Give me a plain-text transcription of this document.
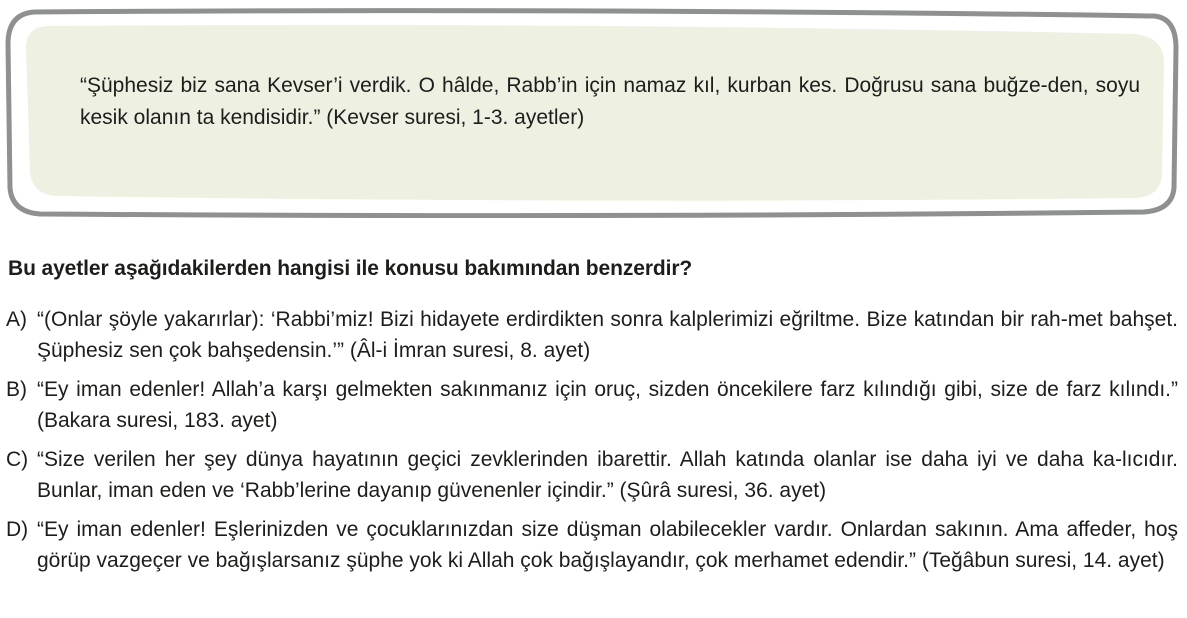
“Şüphesiz biz sana Kevser’i verdik. O hâlde, Rabb’in için namaz kıl, kurban kes. Doğrusu sana buğze-den, soyu kesik olanın ta kendisidir.” (Kevser suresi, 1-3. ayetler)

Bu ayetler aşağıdakilerden hangisi ile konusu bakımından benzerdir?

A) “(Onlar şöyle yakarırlar): ‘Rabbi’miz! Bizi hidayete erdirdikten sonra kalplerimizi eğriltme. Bize katından bir rah-met bahşet. Şüphesiz sen çok bahşedensin.’” (Âl-i İmran suresi, 8. ayet)
B) “Ey iman edenler! Allah’a karşı gelmekten sakınmanız için oruç, sizden öncekilere farz kılındığı gibi, size de farz kılındı.” (Bakara suresi, 183. ayet)
C) “Size verilen her şey dünya hayatının geçici zevklerinden ibarettir. Allah katında olanlar ise daha iyi ve daha ka-lıcıdır. Bunlar, iman eden ve ‘Rabb’lerine dayanıp güvenenler içindir.” (Şûrâ suresi, 36. ayet)
D) “Ey iman edenler! Eşlerinizden ve çocuklarınızdan size düşman olabilecekler vardır. Onlardan sakının. Ama affeder, hoş görüp vazgeçer ve bağışlarsanız şüphe yok ki Allah çok bağışlayandır, çok merhamet edendir.” (Teğâbun suresi, 14. ayet)
